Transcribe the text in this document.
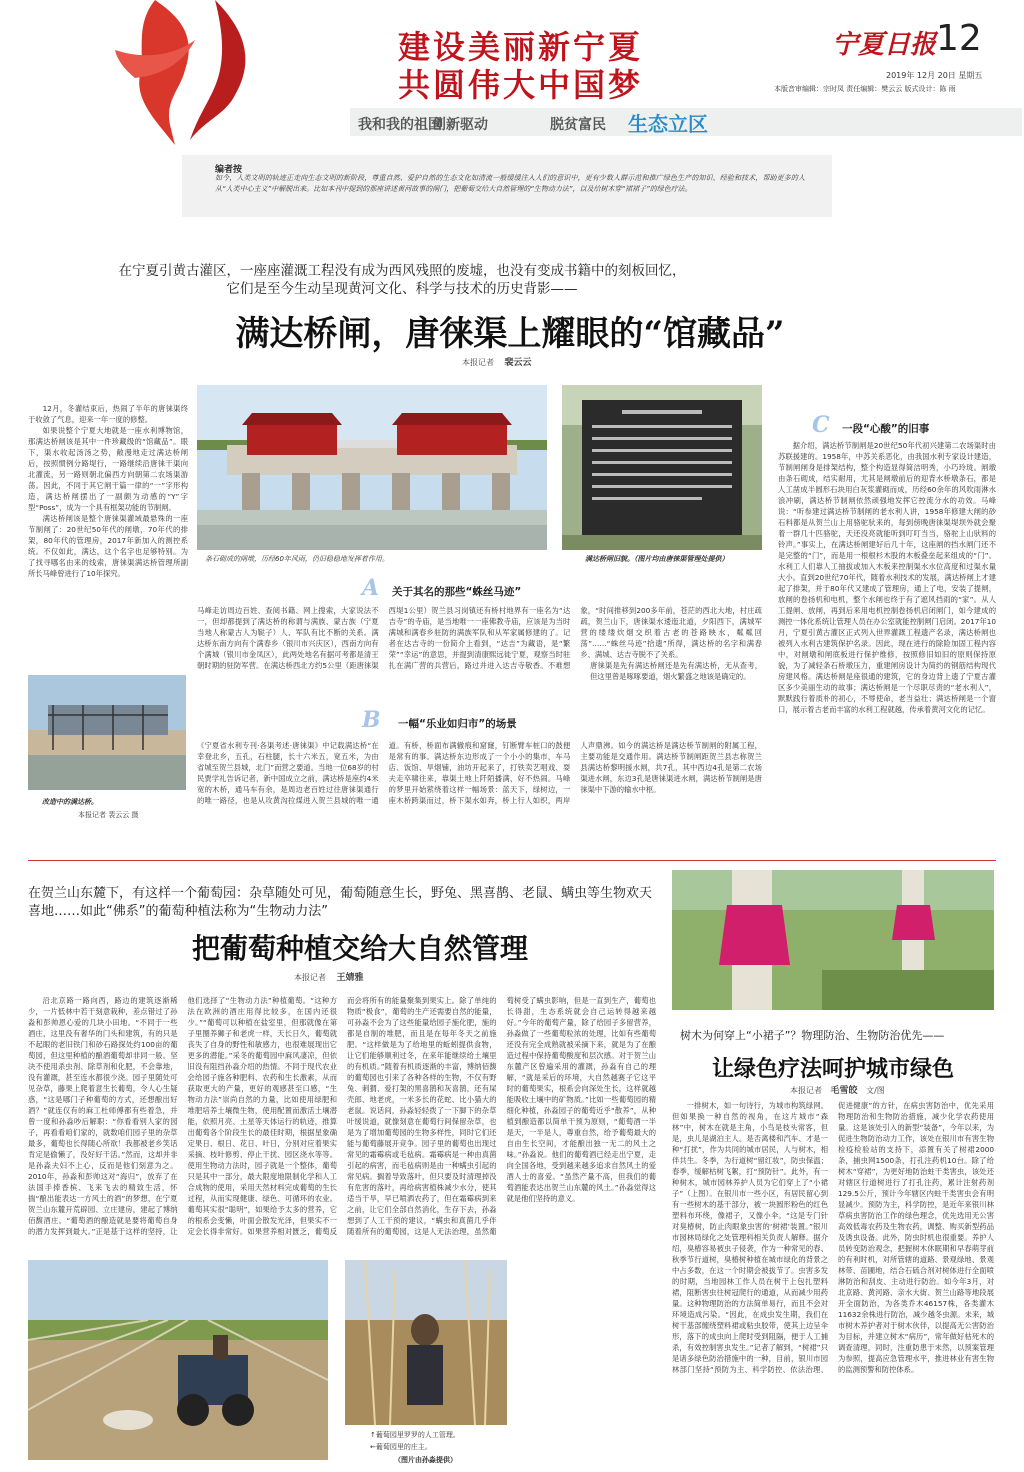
建设美丽新宁夏
共圆伟大中国梦
宁夏日报 12
2019年 12月 20日 星期五
本版音审编辑：宗时凤 责任编辑：樊云云 版式设计：陈 雨
我和我的祖国
创新驱动	脱贫富民 生态立区
编者按
如今，人类文明的轨迹正走向生态文明的新阶段，尊重自然、爱护自然的生态文化如清流一般缓缓注入人们的意识中，更有少数人群示范和推广绿色生产的知识、经验和技术，帮助更多的人从“人类中心主义”中解脱出来。比如本刊中提到的那座讲述黄河故事的闸门，把葡萄交给大自然管理的“生物动力法”，以及给树木穿“裙裙子”的绿色疗法。
在宁夏引黄古灌区，一座座灌溉工程没有成为西风残照的废墟，也没有变成书籍中的刻板回忆，它们是至今生动呈现黄河文化、科学与技术的历史背影——
满达桥闸，唐徕渠上耀眼的“馆藏品”
本报记者 裴云云

12月，冬灌结束后，热闹了半年的唐徕渠终于收敛了气息，迎来一年一度的修整。

如果说整个宁夏大地就是一座水利博物馆，那满达桥闸该是其中一件珍藏级的“馆藏品”。眼下，渠水收起汤汤之势，敞漫地走过满达桥闸后，按照惯例分路堤行，一路继续沿唐徕干渠向北灌流，另一路则朝北偏西方向朝第二农场渠游荡。因此，不同于其它闸干篇一律的“一”字形构造，满达桥闸摆出了一副颇为动感的“Y”字型“Poss”，成为一个具有框架功能的节制闸。

满达桥闸该是整个唐徕渠灌域最悬殊的一座节制闸了：20世纪50年代的闸墩，70年代的排架，80年代的管理房，2017年新加入的测控系统。不仅如此，满达，这个名字也足够特别。为了找寻哪名由来的线索，唐徕渠满达桥管理所副所长马峰曾进行了10年探究。

条石砌成的闸墩，历经60年风雨，仍旧稳稳地发挥着作用。	满达桥闸旧貌。（图片均由唐徕渠管理处提供）
改造中的满达桥。
本报记者 裴云云 摄
A 关于其名的那些“蛛丝马迹”
马峰走访周边百姓、查阅书籍、网上搜索，大家说法不一，但却都提到了满达桥的称谓与满族、蒙古族（宁夏当地人称蒙古人为鞑子）人、军队有比不断的关系。满达桥东南方向有个满春乡（银川市兴庆区），西南方向有个满城（银川市金凤区），此两处地名有据可考都是清王朝时期的驻防军营。在满达桥西北方约5公里（距唐徕渠西堤1公里）贺兰县习岗镇还有桥村地界有一座名为“达吉寺”的寺庙，是当地唯一一座佛教寺庙，应该是为当时满城和满春乡驻防的满族军队和从军家属修建的了。记者在达吉寺的一份简介上看到，“达吉”为藏语，是“繁荣”“幸运”的意思，并提到清康熙远徙宁夏，观察当时驻扎在满广营的兵营后，路过并进入达吉寺敬香。不难想象，“时间推移到200多年前，苍茫的西北大地，村庄疏疏，贺兰山下，唐徕渠水逶迤北道，夕阳西下，满城军营的缕缕炊烟交织着古老的苍路映水，粼粼回荡”……“蛛丝马迹”拾遗”所得，满达桥的名字和满春乡、满城、达吉寺脱不了关系。
唐徕渠是先有满达桥闸还是先有满达桥，无从查考，但这里曾是啄啄要道，烟火繁盛之地该是确定的。
B 一幅“乐业如归市”的场景
《宁夏省水利专刊·各渠考述·唐徕渠》中记载满达桥“在幸登北乡，五孔，石柱腿，长十六米五，宽五米，为由省城至贺兰县城，北门”而营之要道。当地一位68岁的村民贾学礼告诉记者，新中国成立之前，满达桥是座约4米宽的木桥，通马车有余，是周边老百姓过往唐徕渠通行的唯一路径，也是从攻黄沟拉煤进入贺兰县城的唯一通道。有桥，桥面布满辙痕和窟窿，钉断臂车桩口的鼓便是常有的事。满达桥东边形成了一个小小的集市，车马店、饭馆、旱烟铺，油坊开起来了，打铁卖艺唱戏、耍夫走卒啸往来，靠渠土地上阡陌播满，好不热闹。马峰的梦里开始萦绕着这样一幅场景：蓝天下，绿树边，一座木桥跨渠而过，桥下渠水如奔，桥上行人如织，两岸人声鼎沸。如今的满达桥是满达桥节制闸的附属工程，主要功能是交通作用。满达桥节制闸距贺兰县志称贺兰县满达桥黎明援水闸，共7孔，其中西边4孔是第二农场渠进水闸，东边3孔是唐徕渠进水闸，满达桥节制闸是唐徕渠中下游的输水中枢。
C 一段“心酸”的旧事
据介绍，满达桥节制闸是20世纪50年代初兴建第二农场渠时由苏联援建的。1958年，中苏关系恶化，由我国水利专家设计建造，节制闸闸身是排架结构，整个构造显得简洁明秀，小巧玲珑。闸墩由条石砌成，结实耐用，尤其是闸墩前后的迎背水桥墩条石，都是人工凿成半圆形石块用白灰浆灌砌而成，历经60余年的风吹雨淋水浪冲刷，满达桥节制闸依然顽强地发挥它控流分水的功效。马峰说：“听参建过满达桥节制闸的老水利人讲，1958年修建大闸的砂石料都是从贺兰山上用骆驼驮来的，每到傍晚唐徕渠堤坝外就会聚着一群几十匹骆驼，天还没亮就能听到叮叮当当，骆驼上山驮料的铃声。”事实上，在满达桥闸建好后几十年，这座闸的挡水闸门还不是完整的“门”，而是用一根根杉木股的木板叠垒起来组成的“门”。水利工人们靠人工抽拔或加入木板来控制渠水水位高度和过渠水量大小。直到20世纪70年代，随着水利技术的发展，满达桥闸上才建起了排架，并于80年代又建成了管理房，通上了电，安装了提闸，放闸的卷扬机和电机，整个水闸也终于有了遮风挡雨的“家”。从人工提闸、放闸，再到后来用电机控制卷扬机启闭闸门，如今建成的测控一体化系统让管理人员在办公室就能控制闸门启闭。2017年10月，宁夏引黄古灌区正式列入世界灌溉工程遗产名录，满达桥闸也被列入水利古建筑保护名录。因此，现在进行的除险加固工程内容中，对闸墩和闸底板进行保护维修，按照修旧如旧的原则保持原貌，为了减轻条石桥墩压力，重建闸房设计为简约的钢筋结构现代房建风格。满达桥闸是座很通的建筑，它的身边背上遗了宁夏古灌区多少美丽生动的故事；满达桥闸是一个尽职尽责的“老水利人”，默默践行着质朴的初心，不辱使命，老当益壮；满达桥闸是一个窗口，展示着古老而丰富的水利工程就越，传承着黄河文化的记忆。
在贺兰山东麓下，有这样一个葡萄园：杂草随处可见，葡萄随意生长，野兔、黑喜鹊、老鼠、螨虫等生物欢天喜地……如此“佛系”的葡萄种植法称为“生物动力法”
把葡萄种植交给大自然管理
本报记者 王婧雅
沿北京路一路向西，路边的建筑逐渐稀少，一片低林中若干刻意栽种，差点错过了孙淼和彭帅恩心爱的几块小田地。“不同于一些酒庄，这里没有奢华的门头和建筑，有的只是不起眼的老旧铁门和砂石路探处约100亩的葡萄园，但这里种植的酿酒葡萄却非同一般。坚决不使用杀虫剂、除草剂和化肥，不会靠地，没有灌溉，甚至连水都很少浇。园子里随处可见杂草，藤果上爬着意生长葡萄，令人心生疑惑，“这是哪门子种葡萄的方式，还想酿出好酒？”就连仅有的麻工杜师傅都有些着急，并曾一度和孙淼吵后解职：“你看看别人家的园子，再看看咱们家的，就数咱们园子里的杂草最多，葡萄也长得随心所欲！我都被老乡笑话肯定是偷懒了，没好好干活。”然而，这却并非是孙淼夫妇不上心，反而是他们刻意为之。2010年，孙淼和彭帅这对“海归”，放弃了在法国手捧香槟、飞来飞去的精致生活，怀揣“酿出能表达一方风土的酒”的梦想，在宁夏贺兰山东麓开荒辟园、立庄建房，建起了博纳佰馥酒庄。“葡萄酒的酿造就是要将葡萄自身的潜力发挥到最大。”正是基于这样的坚持，让他们选择了“生物动力法”种植葡萄。“这种方法在欧洲的酒庄用得比较多，在国内还很少。”“葡萄可以种植在盐室里，但那就像在第子里圈养狮子和老虎一样，天长日久，葡萄就丧失了自身的野性和敏感力，也很难展现出它更多的潜能。”采冬的葡萄园中麻风凄凉，但依旧没有阻挡孙淼介绍的热情。不同于现代农业会给园子施各种肥料、农药和生长激素，从而获取更大的产量，更好的观感甚至口感，“生物动力法”崇尚自然的力量，比如使用绿肥和堆肥培养土壤微生物，使用配置而激活土壤潜能，依照月亮、土星等天体运行的轨迹，推算出葡萄各个阶段生长的最佳时期，根据星象确定果日、根日、花日、叶日，分别对应着果实采摘、枝叶修剪、停止干扰、园区浇水等等。使用生物动力法时，园子就是一个整体，葡萄只是其中一部分，最大限度地限制化学和人工合成物的使用，采用天然材料完成葡萄的生长过程，从而实现健康、绿色、可循环的农业。葡萄其实很“聪明”，如果给予太多的营养，它的根系会变懒，叶面会散发光泽，但果实不一定会长得非常好。如果营养相对匮乏，葡萄反而会将所有的能量聚集到果实上。除了单纯的物质“极食”，葡萄的生产还需要自然的能量，可孙淼不会为了这些能量给园子施化肥，施的都是自制的堆肥，而且是在每年冬天之前施肥。“这样做是为了给地里的蚯蚓提供食物，让它们能够顺利过冬，在来年能继续给土壤里的有机质。”随着有机质逐渐的丰富，博纳佰馥的葡萄园也引来了各种各样的生物，不仅有野兔、刺猬、爱打架的黑喜鹊和灰喜鹊，还有屎壳郎、地老虎，一米多长的花蛇、比小猫大的老鼠。说话间，孙淼轻轻拨了一下脚下的杂草叶缓说道，就像刻意在葡萄行间保留杂草，也是为了增加葡萄园的生物多样性，同时它们还能与葡萄藤展开竞争。园子里的葡萄也出现过常见的霜霉病或毛毡病。霜霉病是一种由真菌引起的病害，而毛毡病则是由一种螨虫引起的常见病。搁着导致落叶，但只要及时清理掉没有危害的落叶，再给病害植株减少水分，使其适当干旱，早已喷洒农药了，但在霜霉病到来之前，让它们全部自然消化，生存下去，孙淼想到了人工干预的建议，“螨虫和真菌几乎伴随着所有的葡萄园，这是人无法治理，虽然葡萄树受了螨虫影响，但是一直到生产，葡萄也长得甜，生态系统就会自己运转得越来越好。”今年的葡萄产量，除了给园子多留营养，孙淼做了一些葡萄粒浓的处理，比如有些葡萄还没有完全成熟就被采摘下来，就是为了在酿造过程中保持葡萄酸度和层次感。对于贺兰山东麓产区曾遍采用的灌溉，孙淼有自己的理解，“就是采后的环境，大自然越赛子它这平时的葡萄果实，根系会向深处生长，这样就越能吸收土壤中的矿物质。”比如一些葡萄园的精细化种植，孙淼园子的葡萄近乎“散养”，从种植到酿造都以简单干预为原则，“葡萄酒一半是天，一半是人，尊重自然，给予葡萄最大的自由生长空间，才能酿出独一无二的风土之味。”孙淼说。他们的葡萄酒已经走出宁夏，走向全国各地，受到越来越多追求自然风土的爱酒人士的喜爱。“虽然产量不高，但我们的葡萄酒能表达出贺兰山东麓的风土。”孙淼觉得这就是他们坚持的意义。
↑葡萄园里罗罗的人工管理。
←葡萄园里的庄主。
（图片由孙淼提供）
树木为何穿上“小裙子”？物理防治、生物防治优先——
让绿色疗法呵护城市绿色
本报记者 毛雪皎 文/图
一排树木，如一句诗行，为城市构筑绿网。但如果换一种自然的视角，在这片城市“森林”中，树木在就是主角，小鸟是枝头常客，但是，虫儿是湖泊主人。是否离楼和汽车、才是一种“打扰”，作为共同的城市居民，人与树木，相伴共生。冬季，为行道树“留红妆”，防虫保温；春季，缓解枯树飞絮，打“预防针”。此外，有一种树木，城市园林养护人员为它们穿上了“小裙子”（上图）。在银川市一些小区，有居民留心到有一些树木的基干部分，被一块圆形粉色的红色塑料布环绕，像裙子，又像小伞。“这是专门针对臭椿树，防止肉眼象虫害的‘树裙’装置。”银川市园林局绿化之处管理科相关负责人解释。据介绍，臭椿容易被虫子侵袭，作为一种常见的春、秋季节行道树，臭椿树种植在城市绿化的背景之中占多数，在这一个时期会被拔节了。虫害多发的时期，当地园林工作人员在树干上包扎塑料裙，阻断害虫往树冠爬行的通道，从而减少用药量。这种物理防治的方法简单易行，而且不会对环境造成污染。“因此，在成虫发生期，我们在树干基部缠绕塑料裙或粘虫胶带，使其上边呈伞形，落下的成虫向上爬时受到阻隔，便于人工捕杀，有效控制害虫发生。”记者了解到，“树裙”只是诸多绿色防治措施中的一种，目前，银川市园林部门坚持“预防为主、科学防控、依法治理、促进健康”的方针，在病虫害防治中，优先采用物理防治和生物防治措施，减少化学农药使用量。这是该处引入的新型“装备”，今年以来，为促进生物防治动力工作，该处在银川市有害生物检疫检验站的支持下，添置有关了树裙2000条，捕虫网1500条，打孔注药机10台。除了给树木“穿裙”，为更好地防治蛀干类害虫，该处还对辖区行道树进行了打孔注药，累计注射药剂129.5公斤，预计今年辖区内蛀干类害虫会有明显减少。预防为主，科学防控，是近年来银川林草病虫害防治工作的绿色理念，优先选用无公害高效低毒农药及生物农药，调整、购买新型药品及诱虫设备。此外，防虫时机也很重要。养护人员转变防治观念，把握树木休眠期和早春萌芽前的有利时机，对所管辖的道路、景观绿地、景观林带、苗圃地，结合石硫合剂对树体进行全面喷淋防治和刮皮、主动进行防治。如今年3月，对北京路、黄河路、亲水大街、贺兰山路等地段展开全面防治，为各类乔木46157株，各类灌木11632余株进行防治，减少越冬虫源。未来，城市树木养护者对于树木伙伴，以提高无公害防治为目标，并建立树木“病历”，常年做好枯死木的调查清理，同时，注重防患于未然，以预案管理为参照，提高应急管理水平，推进林业有害生物的监测预警和防控体系。
